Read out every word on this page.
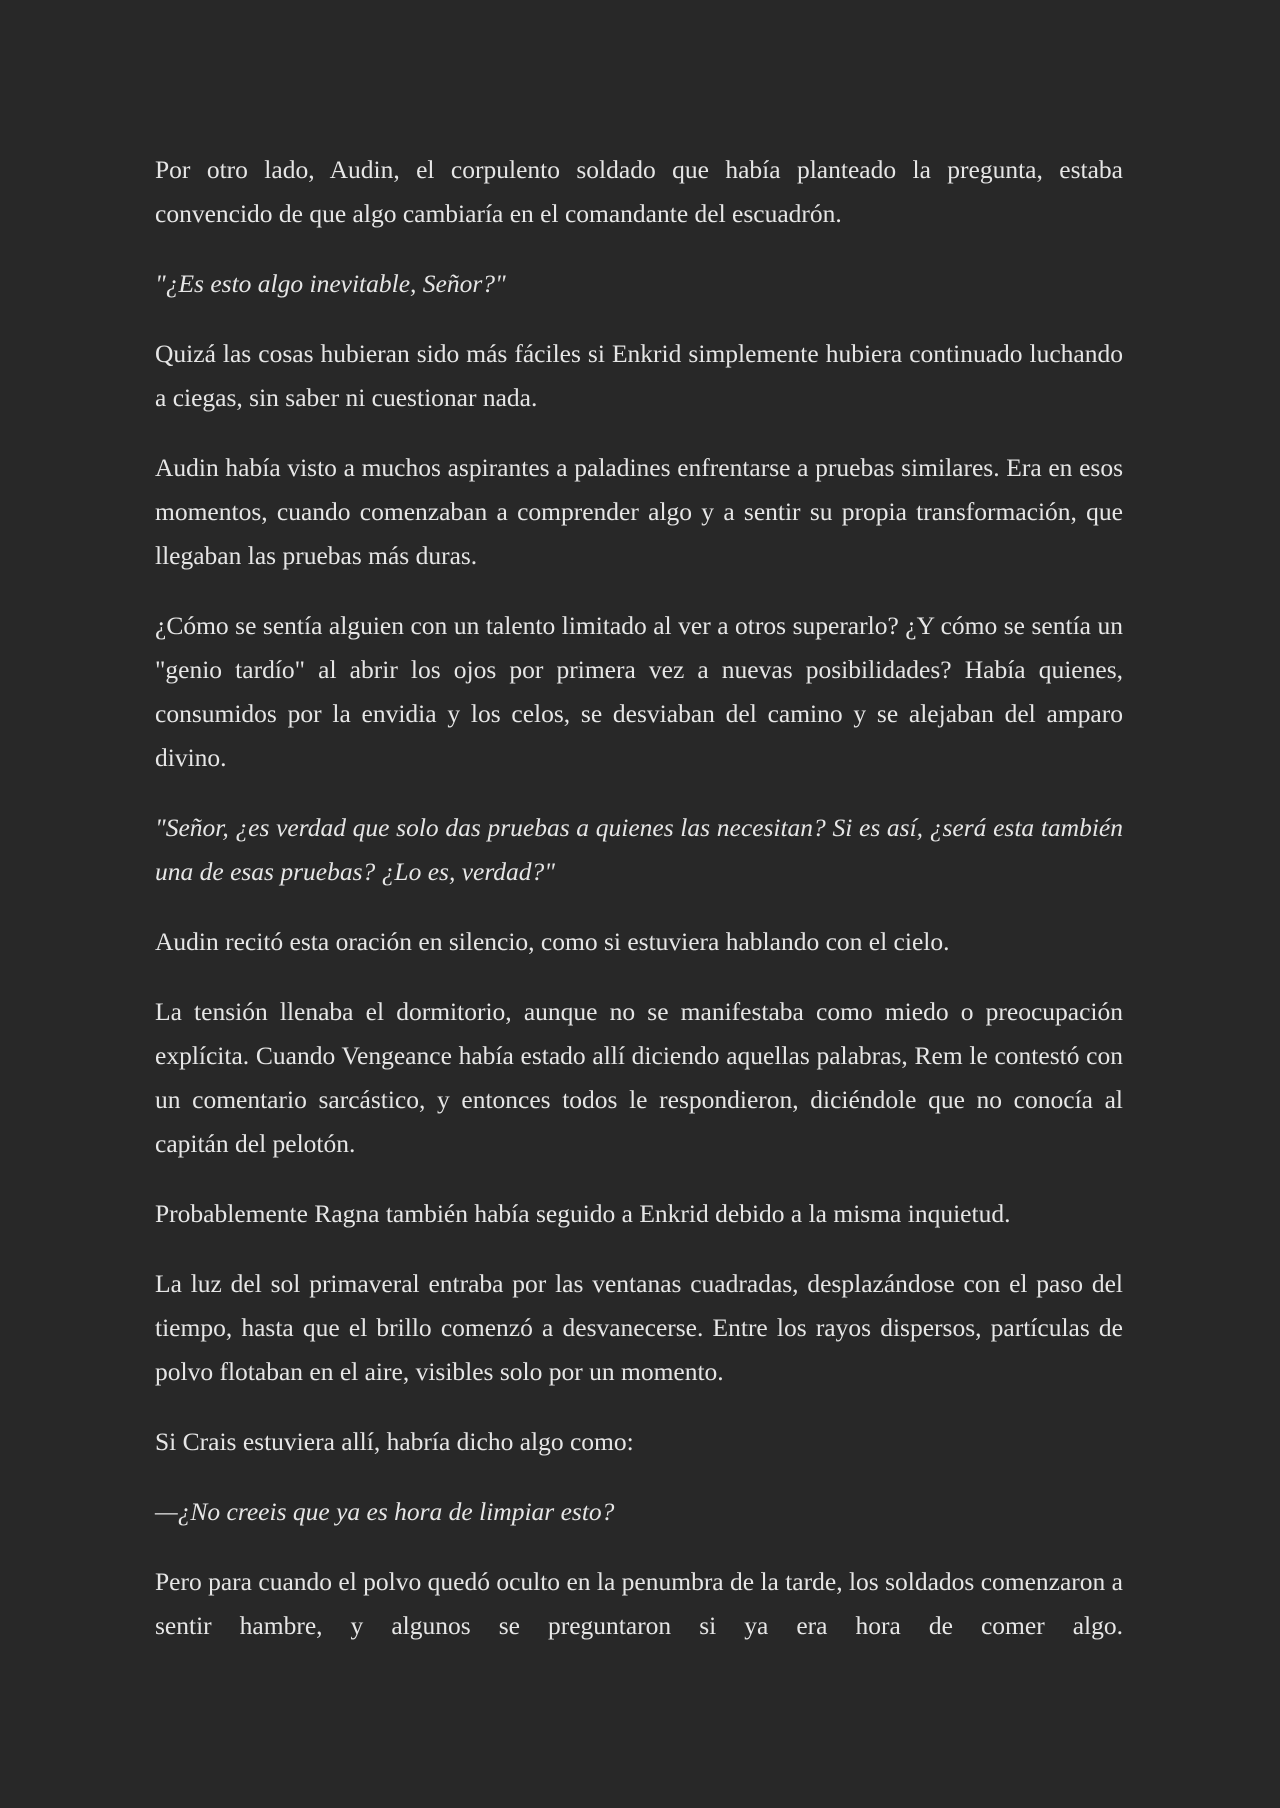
Por otro lado, Audin, el corpulento soldado que había planteado la pregunta, estaba convencido de que algo cambiaría en el comandante del escuadrón.

"¿Es esto algo inevitable, Señor?"

Quizá las cosas hubieran sido más fáciles si Enkrid simplemente hubiera continuado luchando a ciegas, sin saber ni cuestionar nada.

Audin había visto a muchos aspirantes a paladines enfrentarse a pruebas similares. Era en esos momentos, cuando comenzaban a comprender algo y a sentir su propia transformación, que llegaban las pruebas más duras.

¿Cómo se sentía alguien con un talento limitado al ver a otros superarlo? ¿Y cómo se sentía un "genio tardío" al abrir los ojos por primera vez a nuevas posibilidades? Había quienes, consumidos por la envidia y los celos, se desviaban del camino y se alejaban del amparo divino.

"Señor, ¿es verdad que solo das pruebas a quienes las necesitan? Si es así, ¿será esta también una de esas pruebas? ¿Lo es, verdad?"

Audin recitó esta oración en silencio, como si estuviera hablando con el cielo.

La tensión llenaba el dormitorio, aunque no se manifestaba como miedo o preocupación explícita. Cuando Vengeance había estado allí diciendo aquellas palabras, Rem le contestó con un comentario sarcástico, y entonces todos le respondieron, diciéndole que no conocía al capitán del pelotón.

Probablemente Ragna también había seguido a Enkrid debido a la misma inquietud.

La luz del sol primaveral entraba por las ventanas cuadradas, desplazándose con el paso del tiempo, hasta que el brillo comenzó a desvanecerse. Entre los rayos dispersos, partículas de polvo flotaban en el aire, visibles solo por un momento.

Si Crais estuviera allí, habría dicho algo como:

—¿No creeis que ya es hora de limpiar esto?

Pero para cuando el polvo quedó oculto en la penumbra de la tarde, los soldados comenzaron a sentir hambre, y algunos se preguntaron si ya era hora de comer algo.
